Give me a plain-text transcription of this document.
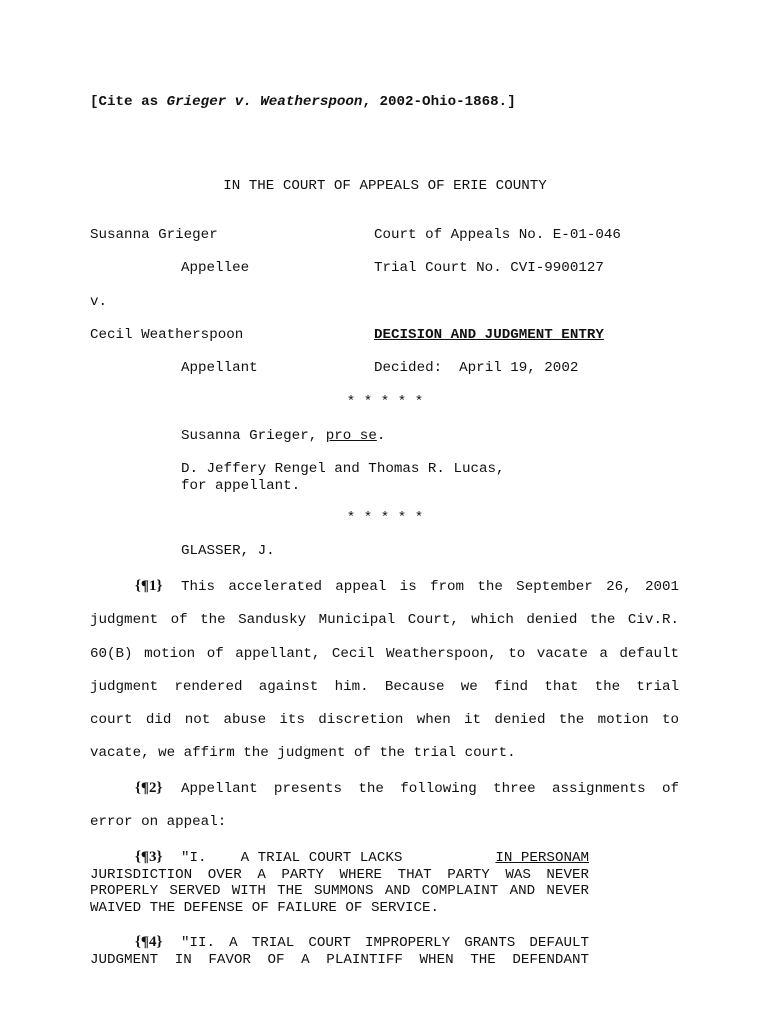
[Cite as Grieger v. Weatherspoon, 2002-Ohio-1868.]
IN THE COURT OF APPEALS OF ERIE COUNTY
Susanna Grieger
Appellee
v.
Cecil Weatherspoon
Appellant
Court of Appeals No. E-01-046
Trial Court No. CVI-9900127
DECISION AND JUDGMENT ENTRY
Decided: April 19, 2002
* * * * *
Susanna Grieger, pro se.
D. Jeffery Rengel and Thomas R. Lucas,
for appellant.
* * * * *
GLASSER, J.
{¶1} This accelerated appeal is from the September 26, 2001
judgment of the Sandusky Municipal Court, which denied the Civ.R.
60(B) motion of appellant, Cecil Weatherspoon, to vacate a default
judgment rendered against him. Because we find that the trial
court did not abuse its discretion when it denied the motion to
vacate, we affirm the judgment of the trial court.
{¶2} Appellant presents the following three assignments of
error on appeal:
{¶3} "I.    A TRIAL COURT LACKS	IN PERSONAM
JURISDICTION OVER A PARTY WHERE THAT PARTY WAS NEVER
PROPERLY SERVED WITH THE SUMMONS AND COMPLAINT AND NEVER
WAIVED THE DEFENSE OF FAILURE OF SERVICE.
{¶4} "II. A TRIAL COURT IMPROPERLY GRANTS DEFAULT
JUDGMENT IN FAVOR OF A PLAINTIFF WHEN THE DEFENDANT
